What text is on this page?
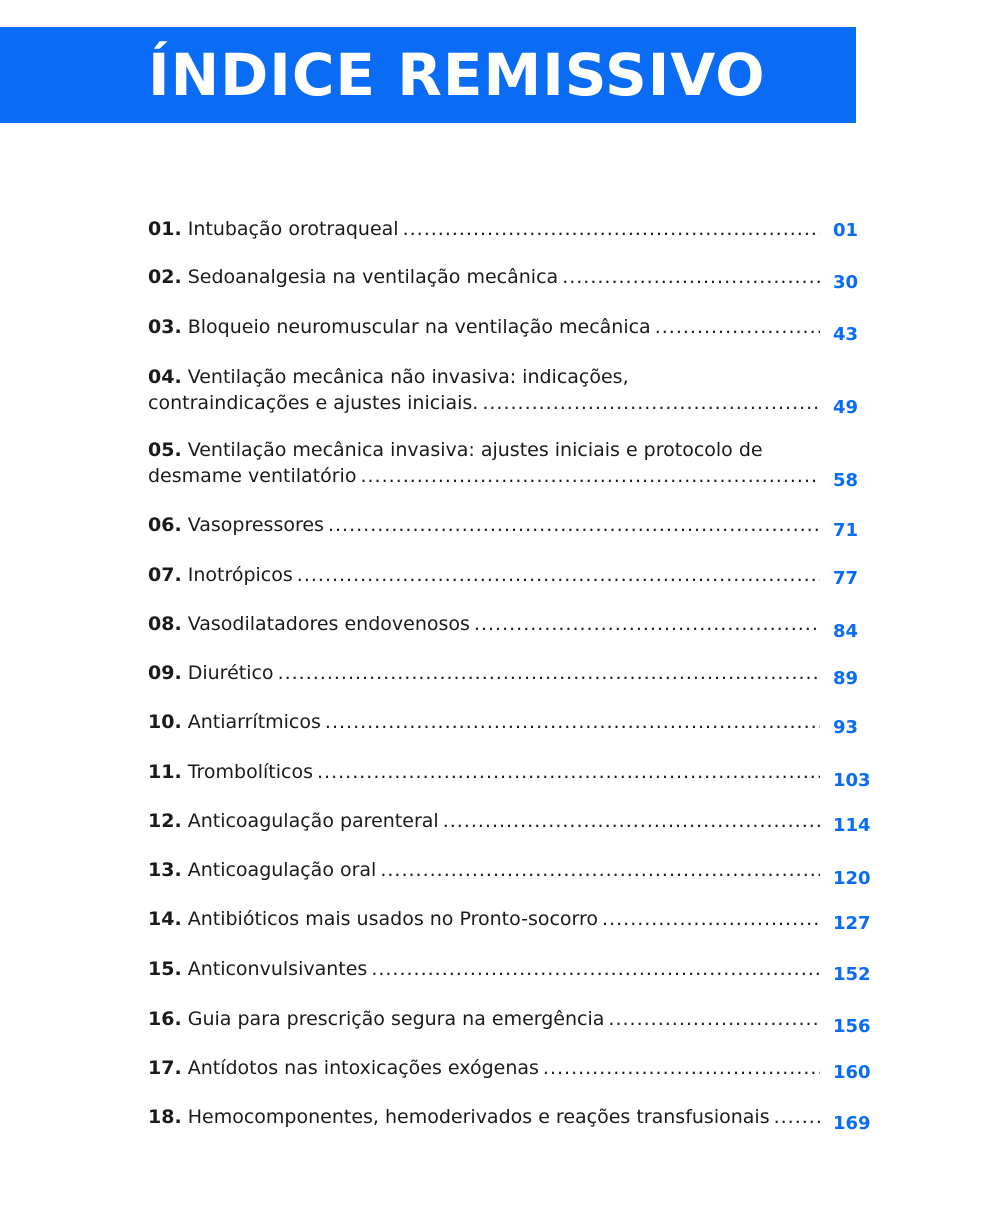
ÍNDICE REMISSIVO
01.
Intubação orotraqueal .....	01
02.
Sedoanalgesia na ventilação mecânica .....	30
03.
Bloqueio neuromuscular na ventilação mecânica .....	43
04. Ventilação mecânica não invasiva: indicações,
contraindicações e ajustes iniciais. .....	49
05. Ventilação mecânica invasiva: ajustes iniciais e protocolo de
desmame ventilatório .....	58
06.
Vasopressores .....	71
07.
Inotrópicos .....	77
08.
Vasodilatadores endovenosos .....	84
09.
Diurético .....	89
10.
Antiarrítmicos .....	93
11.
Trombolíticos .....	103
12.
Anticoagulação parenteral .....	114
13.
Anticoagulação oral .....	120
14.
Antibióticos mais usados no Pronto-socorro .....	127
15.
Anticonvulsivantes .....	152
16.
Guia para prescrição segura na emergência .....	156
17.
Antídotos nas intoxicações exógenas .....	160
18.
Hemocomponentes, hemoderivados e reações transfusionais .....	169
